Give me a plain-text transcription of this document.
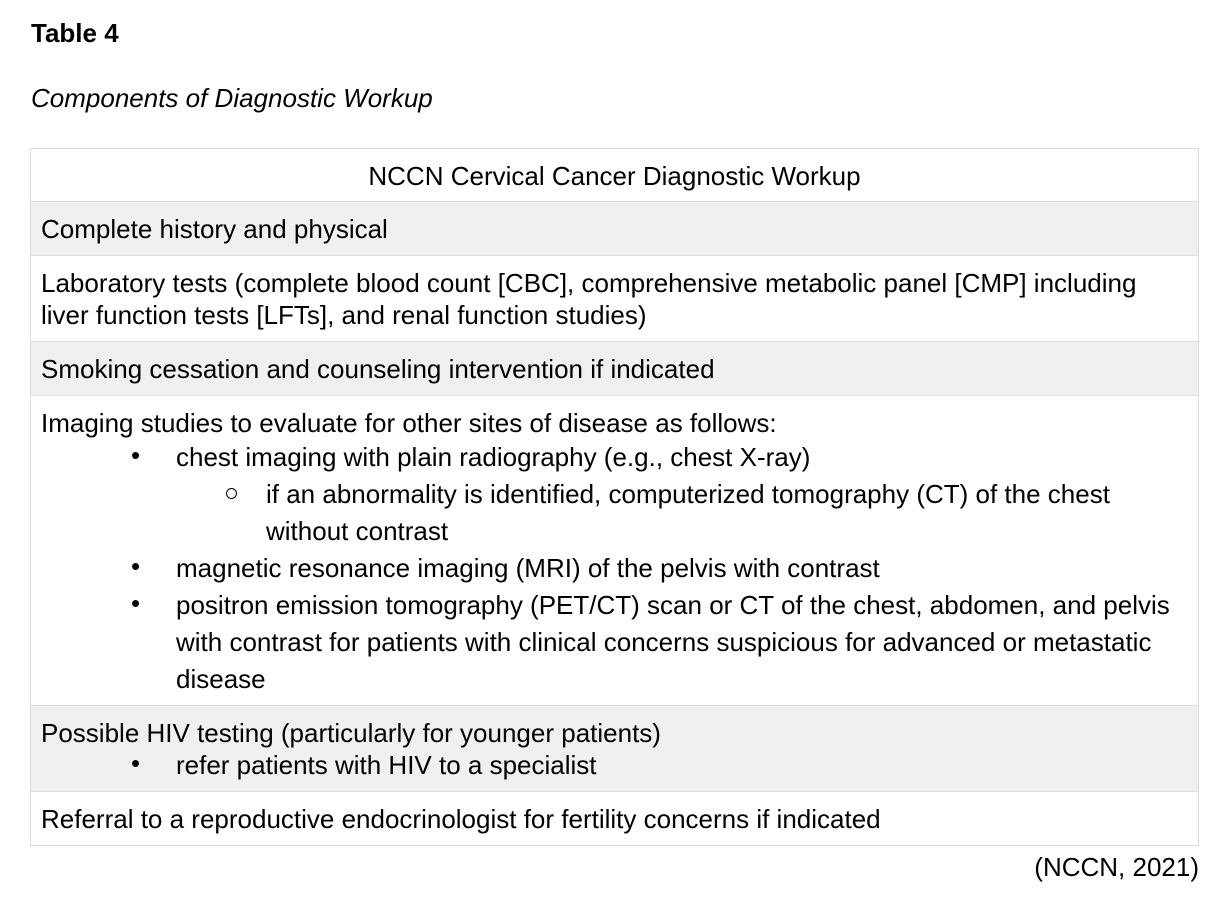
Table 4
Components of Diagnostic Workup
NCCN Cervical Cancer Diagnostic Workup
Complete history and physical
Laboratory tests (complete blood count [CBC], comprehensive metabolic panel [CMP] including liver function tests [LFTs], and renal function studies)
Smoking cessation and counseling intervention if indicated

Imaging studies to evaluate for other sites of disease as follows:
• chest imaging with plain radiography (e.g., chest X-ray)
if an abnormality is identified, computerized tomography (CT) of the chest without contrast
• magnetic resonance imaging (MRI) of the pelvis with contrast
• positron emission tomography (PET/CT) scan or CT of the chest, abdomen, and pelvis with contrast for patients with clinical concerns suspicious for advanced or metastatic disease

Possible HIV testing (particularly for younger patients)
• refer patients with HIV to a specialist

Referral to a reproductive endocrinologist for fertility concerns if indicated
(NCCN, 2021)
